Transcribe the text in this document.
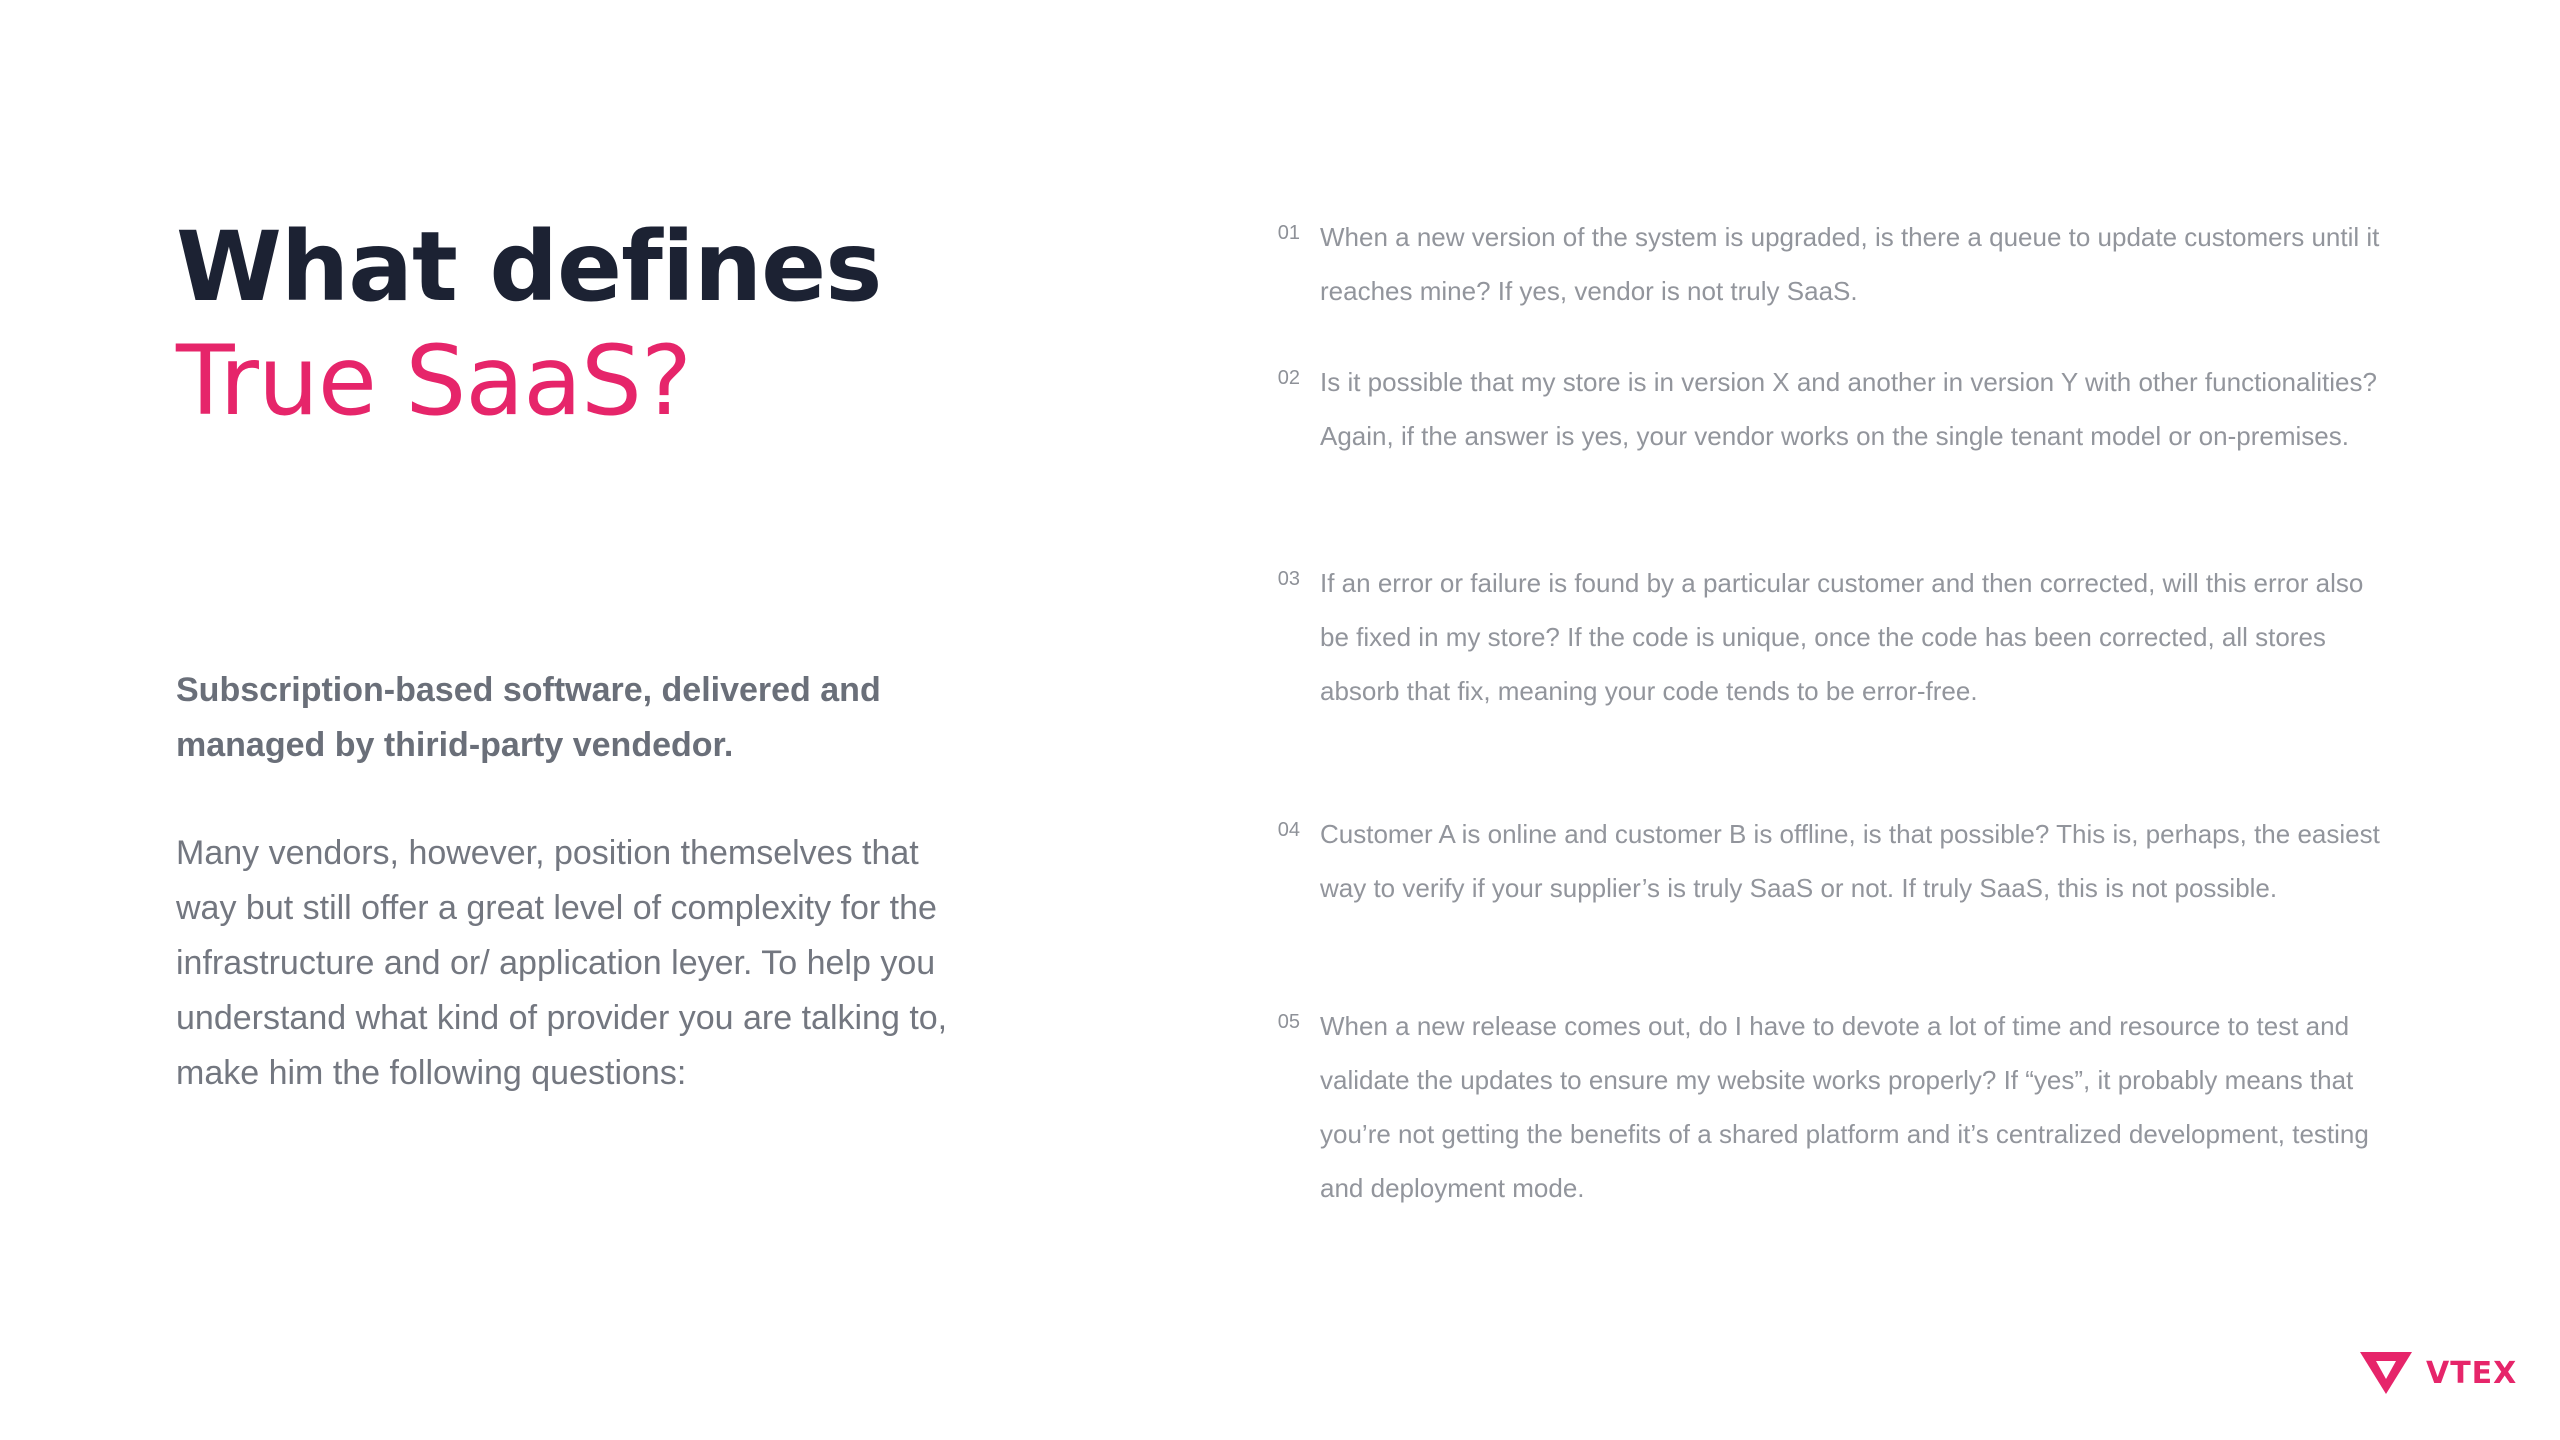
What defines
True SaaS?

Subscription-based software, delivered and managed by thirid-party vendedor.

Many vendors, however, position themselves that way but still offer a great level of complexity for the infrastructure and or/ application leyer. To help you understand what kind of provider you are talking to, make him the following questions:

01 When a new version of the system is upgraded, is there a queue to update customers until it reaches mine? If yes, vendor is not truly SaaS.

02 Is it possible that my store is in version X and another in version Y with other functionalities? Again, if the answer is yes, your vendor works on the single tenant model or on-premises.

03 If an error or failure is found by a particular customer and then corrected, will this error also be fixed in my store? If the code is unique, once the code has been corrected, all stores absorb that fix, meaning your code tends to be error-free.

04 Customer A is online and customer B is offline, is that possible? This is, perhaps, the easiest way to verify if your supplier’s is truly SaaS or not. If truly SaaS, this is not possible.

05 When a new release comes out, do I have to devote a lot of time and resource to test and validate the updates to ensure my website works properly? If “yes”, it probably means that you’re not getting the benefits of a shared platform and it’s centralized development, testing and deployment mode.

VTEX
